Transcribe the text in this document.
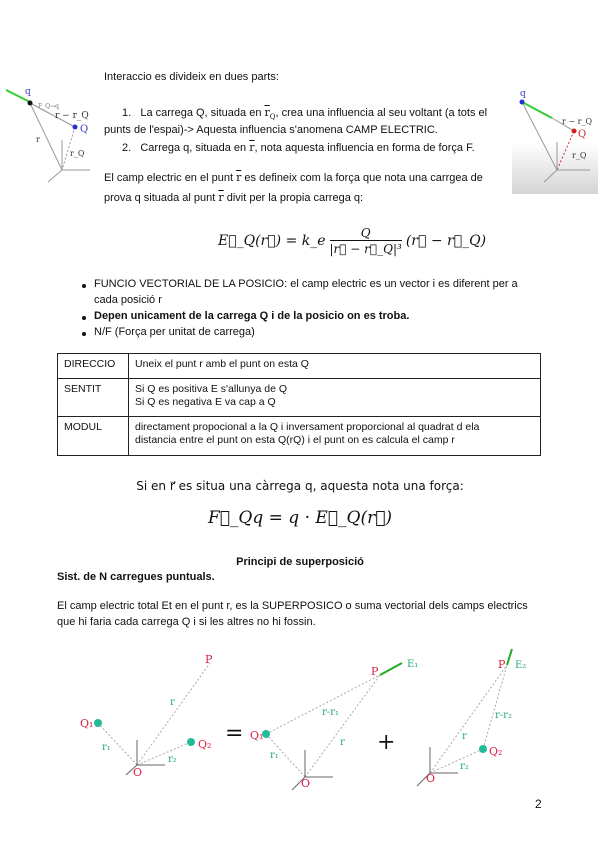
q
Q
F_Q→q
r − r_Q
r
r_Q
q
Q
r − r_Q
r_Q
Interaccio es divideix en dues parts:
1. La carrega Q, situada en $\overline{r}_Q$, crea una influencia al seu voltant (a tots el
punts de l'espai)-> Aquesta influencia s'anomena CAMP ELECTRIC.
2. Carrega q, situada en $\overline{r}$, nota aquesta influencia en forma de força F.
El camp electric en el punt $\overline{r}$ es defineix com la força que nota una carrgea de
prova q situada al punt $\overline{r}$ divit per la propia carrega q:
E⃗_Q(r⃗) = k_e $\frac{Q}{\text{|r⃗ − r⃗\_Q|³}}$ (r⃗ − r⃗_Q)
FUNCIO VECTORIAL DE LA POSICIO: el camp electric es un vector i es diferent per a
cada posició r
Depen unicament de la carrega Q i de la posicio on es troba.
N/F (Força per unitat de carrega)
DIRECCIO	Uneix el punt r amb el punt on esta Q
SENTIT	Si Q es positiva E s'allunya de Q
Si Q es negativa E va cap a Q

MODUL	directament propocional a la Q i inversament proporcional al quadrat d ela
distancia entre el punt on esta Q(rQ) i el punt on es calcula el camp r
Si en r⃗ es situa una càrrega q, aquesta nota una força:
F⃗_Qq = q · E⃗_Q(r⃗)
Principi de superposició
Sist. de N carregues puntuals.
El camp electric total Et en el punt r, es la SUPERPOSICO o suma vectorial dels camps electrics
que hi faria cada carrega Q i si les altres no hi fossin.
P
Q₁
Q₂
O
P
Q₁
O
P
Q₂
O
r
r₁
r₂
E₁
r-r₁
r
r₁
E₂
r-r₂
r
r₂
=	+
2
